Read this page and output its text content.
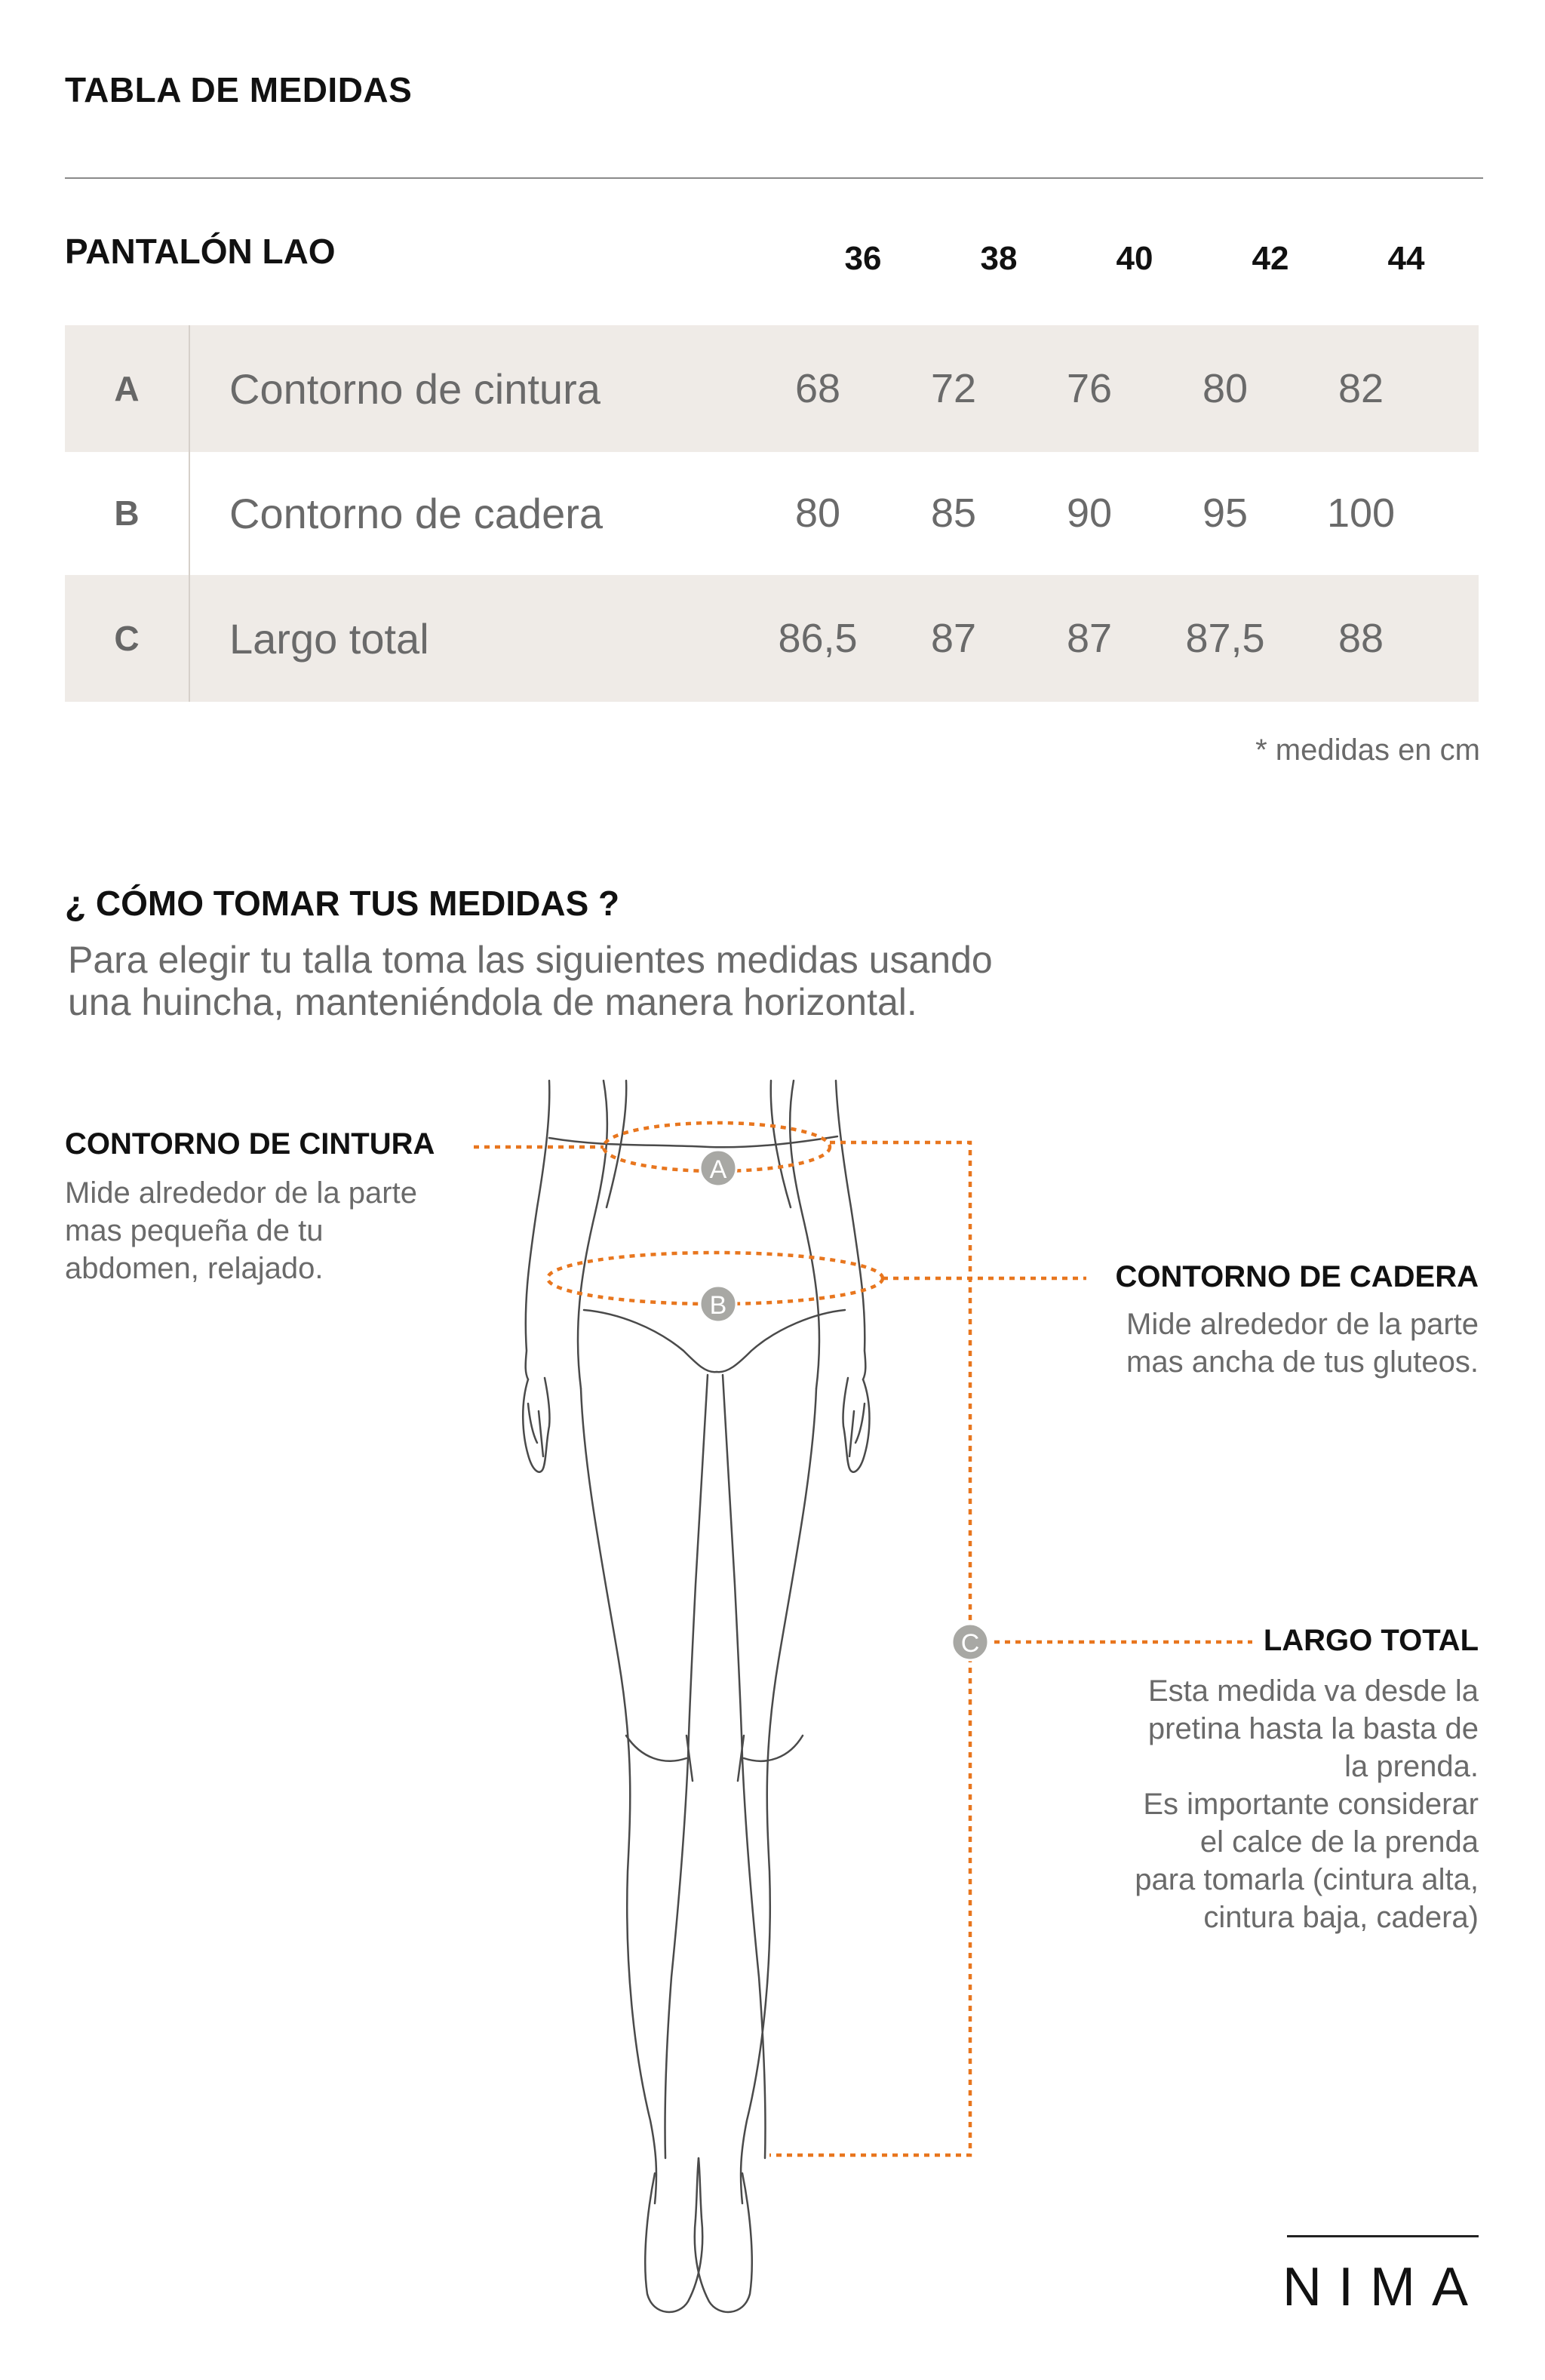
TABLA DE MEDIDAS
PANTALÓN LAO	36	38	40	42	44
A	Contorno de cintura	68	72	76	80	82
B	Contorno de cadera	80	85	90	95	100
C	Largo total	86,5	87	87	87,5	88
* medidas en cm
¿ CÓMO TOMAR TUS MEDIDAS ?
Para elegir tu talla toma las siguientes medidas usando
una huincha, manteniéndola de manera horizontal.
A
B
C
CONTORNO DE CINTURA
Mide alrededor de la parte
mas pequeña de tu
abdomen, relajado.	CONTORNO DE CADERA
Mide alrededor de la parte
mas ancha de tus gluteos.
LARGO TOTAL
Esta medida va desde la
pretina hasta la basta de
la prenda.
Es importante considerar
el calce de la prenda
para tomarla (cintura alta,
cintura baja, cadera)
NIMA
